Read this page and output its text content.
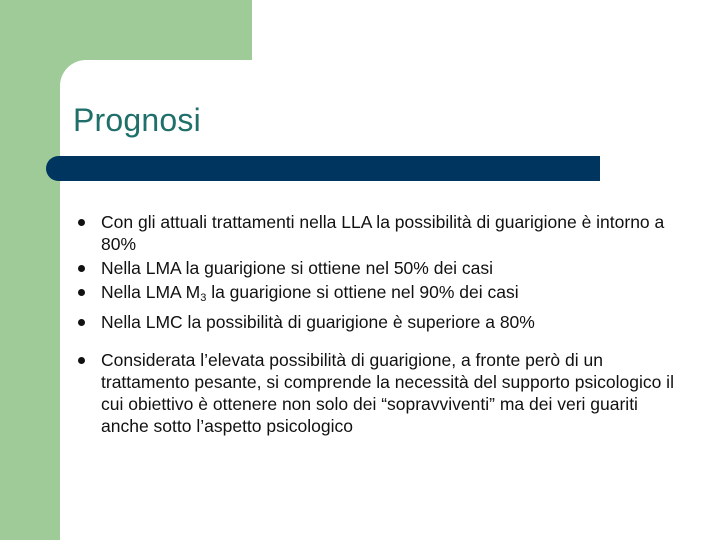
Prognosi
Con gli attuali trattamenti nella LLA la possibilità di guarigione è intorno a 80%
Nella LMA la guarigione si ottiene nel 50% dei casi
Nella LMA $M_3$ la guarigione si ottiene nel 90% dei casi
Nella LMC la possibilità di guarigione è superiore a 80%
Considerata l’elevata possibilità di guarigione, a fronte però di un trattamento pesante, si comprende la necessità del supporto psicologico il cui obiettivo è ottenere non solo dei “sopravviventi” ma dei veri guariti anche sotto l’aspetto psicologico
